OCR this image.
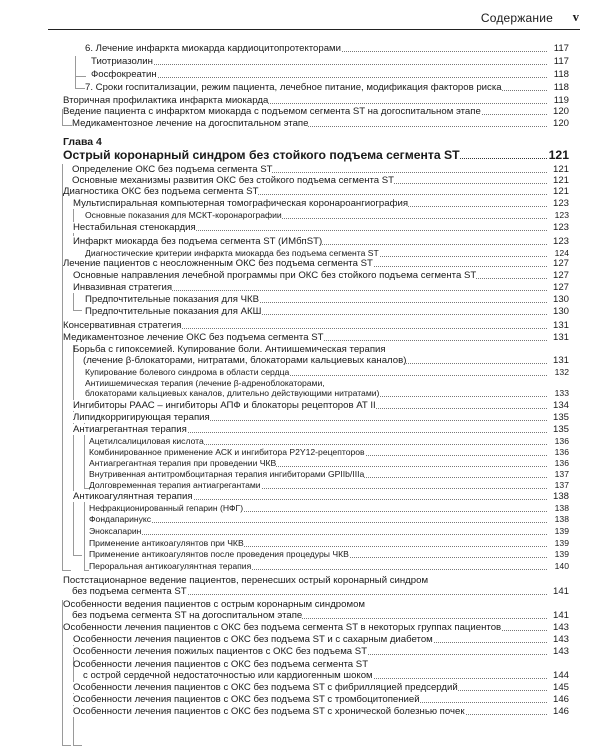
Содержание v
6. Лечение инфаркта миокарда кардиоцитопротекторами	117
Тиотриазолин	117
Фосфокреатин	118
7. Сроки госпитализации, режим пациента, лечебное питание, модификация факторов риска	118
Вторичная профилактика инфаркта миокарда	119
Ведение пациента с инфарктом миокарда с подъемом сегмента ST на догоспитальном этапе	120
Медикаментозное лечение на догоспитальном этапе	120
Глава 4
Острый коронарный синдром без стойкого подъема сегмента ST	121
Определение ОКС без подъема сегмента ST	121
Основные механизмы развития ОКС без стойкого подъема сегмента ST	121
Диагностика ОКС без подъема сегмента ST	121
Мультиспиральная компьютерная томографическая коронароангиография	123
Основные показания для МСКТ-коронарографии	123
Нестабильная стенокардия	123
Инфаркт миокарда без подъема сегмента ST (ИМбпST)	123
Диагностические критерии инфаркта миокарда без подъема сегмента ST	124
Лечение пациентов с неосложненным ОКС без подъема сегмента ST	127
Основные направления лечебной программы при ОКС без стойкого подъема сегмента ST	127
Инвазивная стратегия	127
Предпочтительные показания для ЧКВ	130
Предпочтительные показания для АКШ	130
Консервативная стратегия	131
Медикаментозное лечение ОКС без подъема сегмента ST	131
Борьба с гипоксемией. Купирование боли. Антиишемическая терапия
(лечение β-блокаторами, нитратами, блокаторами кальциевых каналов)	131
Купирование болевого синдрома в области сердца	132
Антиишемическая терапия (лечение β-адреноблокаторами,
блокаторами кальциевых каналов, длительно действующими нитратами)	133
Ингибиторы РААС – ингибиторы АПФ и блокаторы рецепторов АТ II	134
Липидкорригирующая терапия	135
Антиагрегантная терапия	135
Ацетилсалициловая кислота	136
Комбинированное применение АСК и ингибитора P2Y12-рецепторов	136
Антиагрегантная терапия при проведении ЧКВ	136
Внутривенная антитромбоцитарная терапия ингибиторами GPIIb/IIIa	137
Долговременная терапия антиагрегантами	137
Антикоагулянтная терапия	138
Нефракционированный гепарин (НФГ)	138
Фондапаринукс	138
Эноксапарин	139
Применение антикоагулянтов при ЧКВ	139
Применение антикоагулянтов после проведения процедуры ЧКВ	139
Пероральная антикоагулянтная терапия	140
Постстационарное ведение пациентов, перенесших острый коронарный синдром
без подъема сегмента ST	141
Особенности ведения пациентов с острым коронарным синдромом
без подъема сегмента ST на догоспитальном этапе	141
Особенности лечения пациентов с ОКС без подъема сегмента ST в некоторых группах пациентов	143
Особенности лечения пациентов с ОКС без подъема ST и с сахарным диабетом	143
Особенности лечения пожилых пациентов с ОКС без подъема ST	143
Особенности лечения пациентов с ОКС без подъема сегмента ST
с острой сердечной недостаточностью или кардиогенным шоком	144
Особенности лечения пациентов с ОКС без подъема ST с фибрилляцией предсердий	145
Особенности лечения пациентов с ОКС без подъема ST с тромбоцитопенией	146
Особенности лечения пациентов с ОКС без подъема ST с хронической болезнью почек	146
